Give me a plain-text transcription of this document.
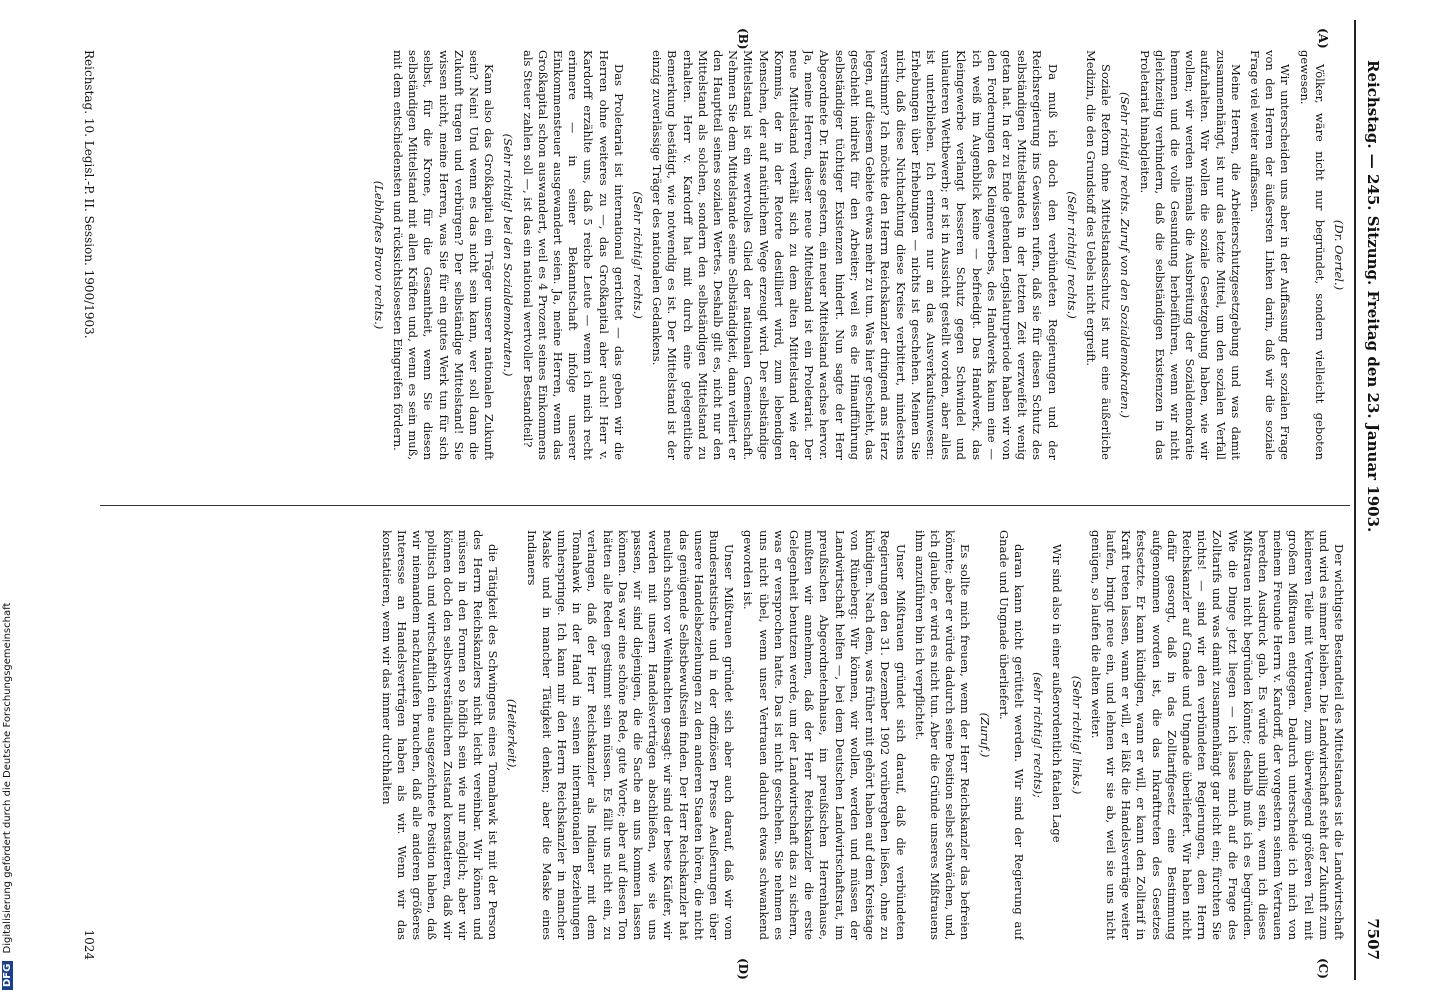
DFG Digitalisierung gefördert durch die Deutsche Forschungsgemeinschaft
Reichstag. — 245. Sitzung. Freitag den 23. Januar 1903.
7507
(A)
(B)
(C)
(D)

(Dr. Oertel.)

Völker, wäre nicht nur begründet, sondern vielleicht geboten gewesen.

Wir unterscheiden uns aber in der Auffassung der sozialen Frage von den Herren der äußersten Linken darin, daß wir die soziale Frage viel weiter auffassen.

Meine Herren, die Arbeiterschutzgesetzgebung und was damit zusammenhängt, ist nur das letzte Mittel, um den sozialen Verfall aufzuhalten. Wir wollen die soziale Gesetzgebung haben, wie wir wollen; wir werden niemals die Ausbreitung der Sozialdemokratie hemmen und die volle Gesundung herbeiführen, wenn wir nicht gleichzeitig verhindern, daß die selbständigen Existenzen in das Proletariat hinabgleiten.

(Sehr richtig! rechts. Zuruf von den Sozialdemokraten.)

Soziale Reform ohne Mittelstandsschutz ist nur eine äußerliche Medizin, die den Grundstoff des Uebels nicht ergreift.

(Sehr richtig! rechts.)

Da muß ich doch den verbündeten Regierungen und der Reichsregierung ins Gewissen rufen, daß sie für diesen Schutz des selbständigen Mittelstandes in der letzten Zeit verzweifelt wenig getan hat. In der zu Ende gehenden Legislaturperiode haben wir von den Forderungen des Kleingewerbes, des Handwerks kaum eine — ich weiß im Augenblick keine — befriedigt. Das Handwerk, das Kleingewerbe verlangt besseren Schutz gegen Schwindel und unlauteren Wettbewerb; er ist in Aussicht gestellt worden, aber alles ist unterblieben. Ich erinnere nur an das Ausverkaufsunwesen: Erhebungen über Erhebungen — nichts ist geschehen. Meinen Sie nicht, daß diese Nichtachtung diese Kreise verbittert, mindestens verstimmt? Ich möchte den Herrn Reichskanzler dringend ans Herz legen, auf diesem Gebiete etwas mehr zu tun. Was hier geschieht, das geschieht indirekt für den Arbeiter; weil es die Hinaufführung selbständiger tüchtiger Existenzen hindert. Nun sagte der Herr Abgeordnete Dr. Hasse gestern, ein neuer Mittelstand wachse hervor. Ja, meine Herren, dieser neue Mittelstand ist ein Proletariat. Der neue Mittelstand verhält sich zu dem alten Mittelstand wie der Kommis, der in der Retorte destilliert wird, zum lebendigen Menschen, der auf natürlichem Wege erzeugt wird. Der selbständige Mittelstand ist ein wertvolles Glied der nationalen Gemeinschaft. Nehmen Sie dem Mittelstande seine Selbständigkeit, dann verliert er den Hauptteil seines sozialen Wertes. Deshalb gilt es, nicht nur den Mittelstand als solchen, sondern den selbständigen Mittelstand zu erhalten. Herr v. Kardorff hat mit durch eine gelegentliche Bemerkung bestätigt, wie notwendig es ist. Der Mittelstand ist der einzig zuverlässige Träger des nationalen Gedankens.

(Sehr richtig! rechts.)

Das Proletariat ist international gerichtet — das geben wir die Herren ohne weiteres zu —, das Großkapital aber auch! Herr v. Kardorff erzählte uns, daß 5 reiche Leute — wenn ich mich recht erinnere — in seiner Bekanntschaft infolge unserer Einkommensteuer ausgewandert seien. Ja, meine Herren, wenn das Großkapital schon auswandert, weil es 4 Prozent seines Einkommens als Steuer zahlen soll —, ist das ein national wertvoller Bestandteil?

(Sehr richtig! bei den Sozialdemokraten.)

Kann also das Großkapital ein Träger unserer nationalen Zukunft sein? Nein! Und wenn es das nicht sein kann, wer soll dann die Zukunft tragen und verbürgen? Der selbständige Mittelstand! Sie wissen nicht, meine Herren, was Sie für ein gutes Werk tun für sich selbst, für die Krone, für die Gesamtheit, wenn Sie diesen selbständigen Mittelstand mit allen Kräften und, wenn es sein muß, mit dem entschiedensten und rücksichtslosesten Eingreifen fördern.

(Lebhaftes Bravo rechts.)

Der wichtigste Bestandteil des Mittelstandes ist die Landwirtschaft und wird es immer bleiben. Die Landwirtschaft steht der Zukunft zum kleineren Teile mit Vertrauen, zum überwiegend größeren Teil mit großem Mißtrauen entgegen. Dadurch unterscheide ich mich von meinem Freunde Herrn v. Kardorff, der vorgestern seinem Vertrauen beredten Ausdruck gab. Es würde unbillig sein, wenn ich dieses Mißtrauen nicht begründen könnte; deshalb muß ich es begründen. Wie die Dinge jetzt liegen — ich lasse mich auf die Frage des Zolltarifs und was damit zusammenhängt gar nicht ein; fürchten Sie nichts! — sind wir den verbündeten Regierungen, dem Herrn Reichskanzler auf Gnade und Ungnade überliefert. Wir haben nicht dafür gesorgt, daß in das Zolltarifgesetz eine Bestimmung aufgenommen worden ist, die das Inkrafttreten des Gesetzes festsetzte. Er kann kündigen, wann er will, er kann den Zolltarif in Kraft treten lassen, wann er will, er läßt die Handelsverträge weiter laufen, bringt neue ein, und lehnen wir sie ab, weil sie uns nicht genügen, so laufen die alten weiter.

(Sehr richtig! links.)

Wir sind also in einer außerordentlich fatalen Lage

(sehr richtig! rechts);

daran kann nicht gerüttelt werden. Wir sind der Regierung auf Gnade und Ungnade überliefert.

(Zuruf.)

Es sollte mich freuen, wenn der Herr Reichskanzler das befreien könnte; aber er würde dadurch seine Position selbst schwächen, und, ich glaube, er wird es nicht tun. Aber die Gründe unseres Mißtrauens ihm anzuführen bin ich verpflichtet.

Unser Mißtrauen gründet sich darauf, daß die verbündeten Regierungen den 31. Dezember 1902 vorübergehen ließen, ohne zu kündigen. Nach dem, was früher mit gehört haben auf dem Kreistage von Rüneberg: Wir können, wir wollen, werden und müssen der Landwirtschaft helfen —, bei dem Deutschen Landwirtschaftsrat, im preußischen Abgeordnetenhause, im preußischen Herrenhause, mußten wir annehmen, daß der Herr Reichskanzler die erste Gelegenheit benutzen werde, um der Landwirtschaft das zu sichern, was er versprochen hatte. Das ist nicht geschehen. Sie nehmen es uns nicht übel, wenn unser Vertrauen dadurch etwas schwankend geworden ist.

Unser Mißtrauen gründet sich aber auch darauf, daß wir vom Bundesratstische und in der offiziösen Presse Aeußerungen über unsere Handelsbeziehungen zu den anderen Staaten hören, die nicht das genügende Selbstbewußtsein finden. Der Herr Reichskanzler hat neulich schon vor Weihnachten gesagt: wir sind der beste Käufer, wir werden mit unsern Handelsverträgen abschließen, wie sie uns passen, wir sind diejenigen, die die Sache an uns kommen lassen können. Das war eine schöne Rede, gute Worte; aber auf diesen Ton hätten alle Reden gestimmt sein müssen. Es fällt uns nicht ein, zu verlangen, daß der Herr Reichskanzler als Indianer mit dem Tomahawk in der Hand in seinen internationalen Beziehungen umherspringe. Ich kann mir den Herrn Reichskanzler in mancher Maske und in mancher Tätigkeit denken; aber die Maske eines Indianers

(Heiterkeit),

die Tätigkeit des Schwingens eines Tomahawk ist mit der Person des Herrn Reichskanzlers nicht leicht vereinbar. Wir können und müssen in den Formen so höflich sein wie nur möglich; aber wir können doch den selbstverständlichen Zustand konstatieren, daß wir politisch und wirtschaftlich eine ausgezeichnete Position haben, daß wir niemandem nachzulaufen brauchen, daß alle anderen größeres Interesse an Handelsverträgen haben als wir. Wenn wir das konstatieren, wenn wir das immer durchhalten

Reichstag. 10. Legisl.-P. II. Session. 1900/1903.
1024
